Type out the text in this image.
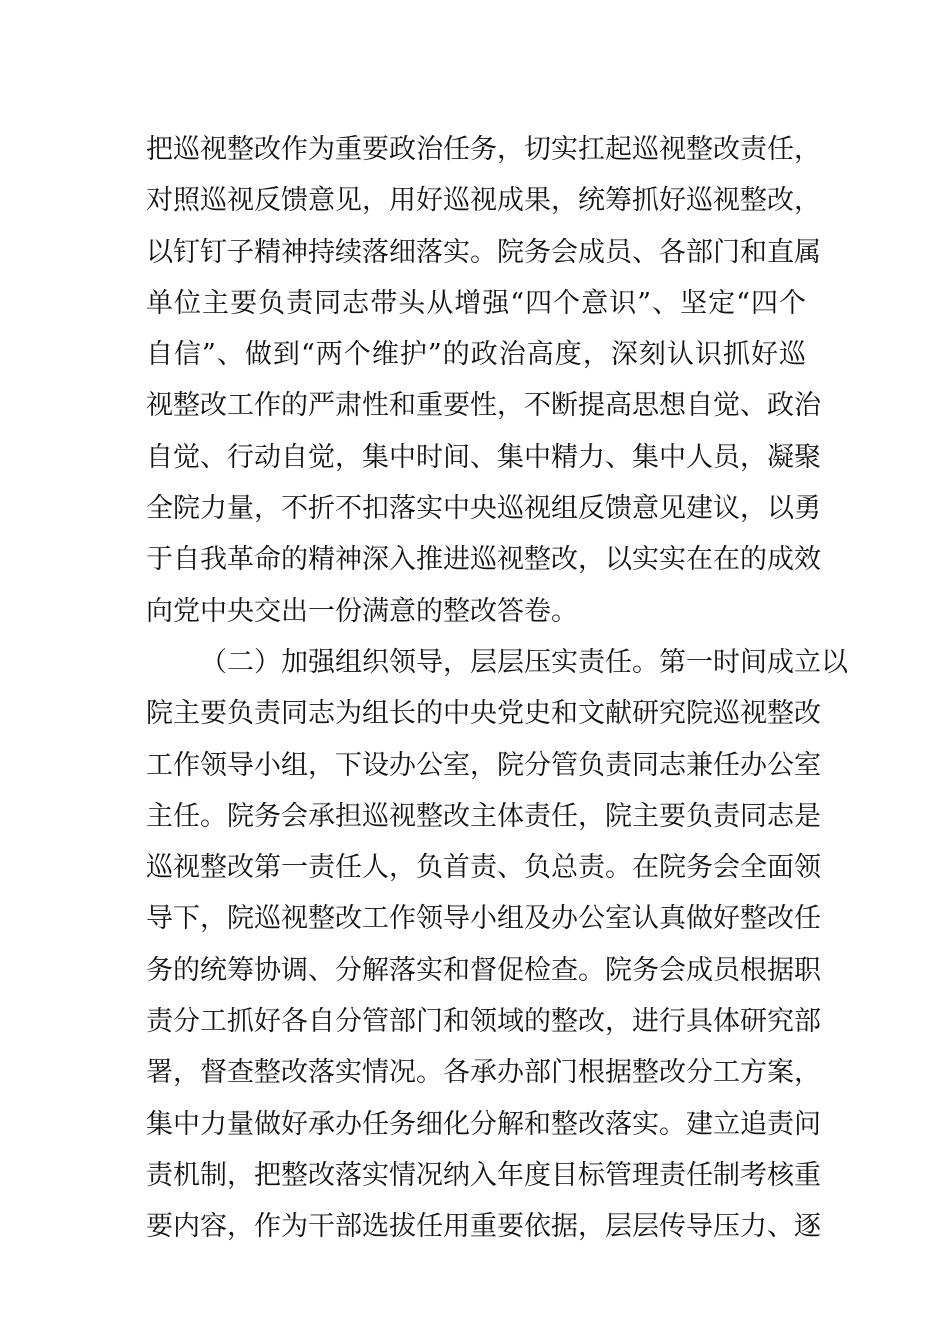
把巡视整改作为重要政治任务，切实扛起巡视整改责任，
对照巡视反馈意见，用好巡视成果，统筹抓好巡视整改，
以钉钉子精神持续落细落实。院务会成员、各部门和直属
单位主要负责同志带头从增强“四个意识”、坚定“四个
自信”、做到“两个维护”的政治高度，深刻认识抓好巡
视整改工作的严肃性和重要性，不断提高思想自觉、政治
自觉、行动自觉，集中时间、集中精力、集中人员，凝聚
全院力量，不折不扣落实中央巡视组反馈意见建议，以勇
于自我革命的精神深入推进巡视整改，以实实在在的成效
向党中央交出一份满意的整改答卷。
（二）加强组织领导，层层压实责任。第一时间成立以
院主要负责同志为组长的中央党史和文献研究院巡视整改
工作领导小组，下设办公室，院分管负责同志兼任办公室
主任。院务会承担巡视整改主体责任，院主要负责同志是
巡视整改第一责任人，负首责、负总责。在院务会全面领
导下，院巡视整改工作领导小组及办公室认真做好整改任
务的统筹协调、分解落实和督促检查。院务会成员根据职
责分工抓好各自分管部门和领域的整改，进行具体研究部
署，督查整改落实情况。各承办部门根据整改分工方案，
集中力量做好承办任务细化分解和整改落实。建立追责问
责机制，把整改落实情况纳入年度目标管理责任制考核重
要内容，作为干部选拔任用重要依据，层层传导压力、逐
